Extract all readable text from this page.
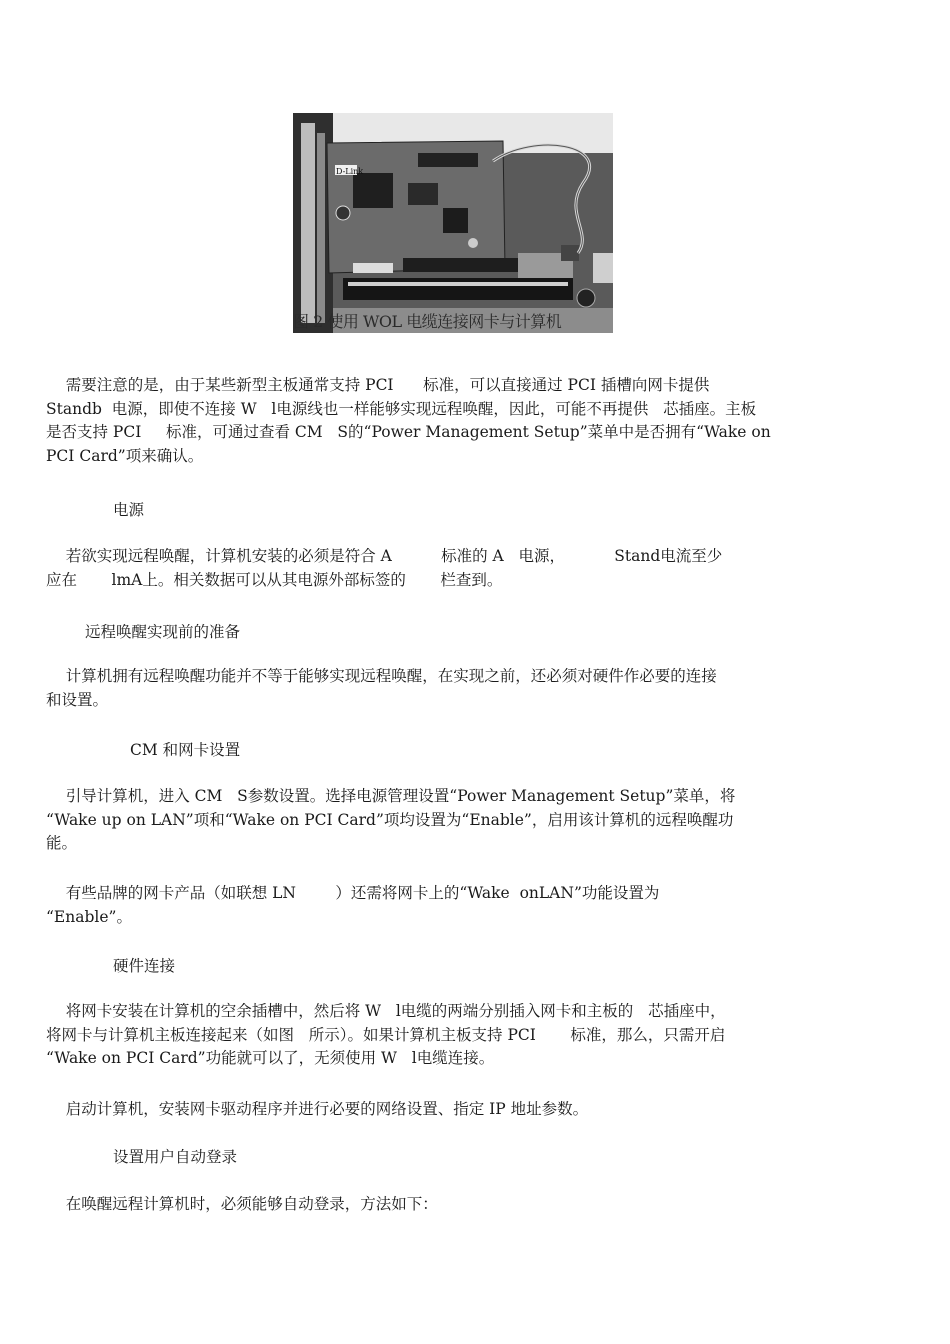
D-Link
图 2 使用 WOL 电缆连接网卡与计算机
需要注意的是，由于某些新型主板通常支持 PCI      标准，可以直接通过 PCI 插槽向网卡提供
Standb  电源，即使不连接 W   l电源线也一样能够实现远程唤醒，因此，可能不再提供   芯插座。主板
是否支持 PCI     标准，可通过查看 CM   S的“Power Management Setup”菜单中是否拥有“Wake on
PCI Card”项来确认。
电源
若欲实现远程唤醒，计算机安装的必须是符合 A          标准的 A   电源，          Stand电流至少
应在       lmA上。相关数据可以从其电源外部标签的       栏查到。
远程唤醒实现前的准备
计算机拥有远程唤醒功能并不等于能够实现远程唤醒，在实现之前，还必须对硬件作必要的连接
和设置。
CM 和网卡设置
引导计算机，进入 CM   S参数设置。选择电源管理设置“Power Management Setup”菜单，将
“Wake up on LAN”项和“Wake on PCI Card”项均设置为“Enable”，启用该计算机的远程唤醒功
能。
有些品牌的网卡产品（如联想 LN        ）还需将网卡上的“Wake  onLAN”功能设置为
“Enable”。
硬件连接
将网卡安装在计算机的空余插槽中，然后将 W   l电缆的两端分别插入网卡和主板的   芯插座中，
将网卡与计算机主板连接起来（如图   所示）。如果计算机主板支持 PCI       标准，那么，只需开启
“Wake on PCI Card”功能就可以了，无须使用 W   l电缆连接。
启动计算机，安装网卡驱动程序并进行必要的网络设置、指定 IP 地址参数。
设置用户自动登录
在唤醒远程计算机时，必须能够自动登录，方法如下：
